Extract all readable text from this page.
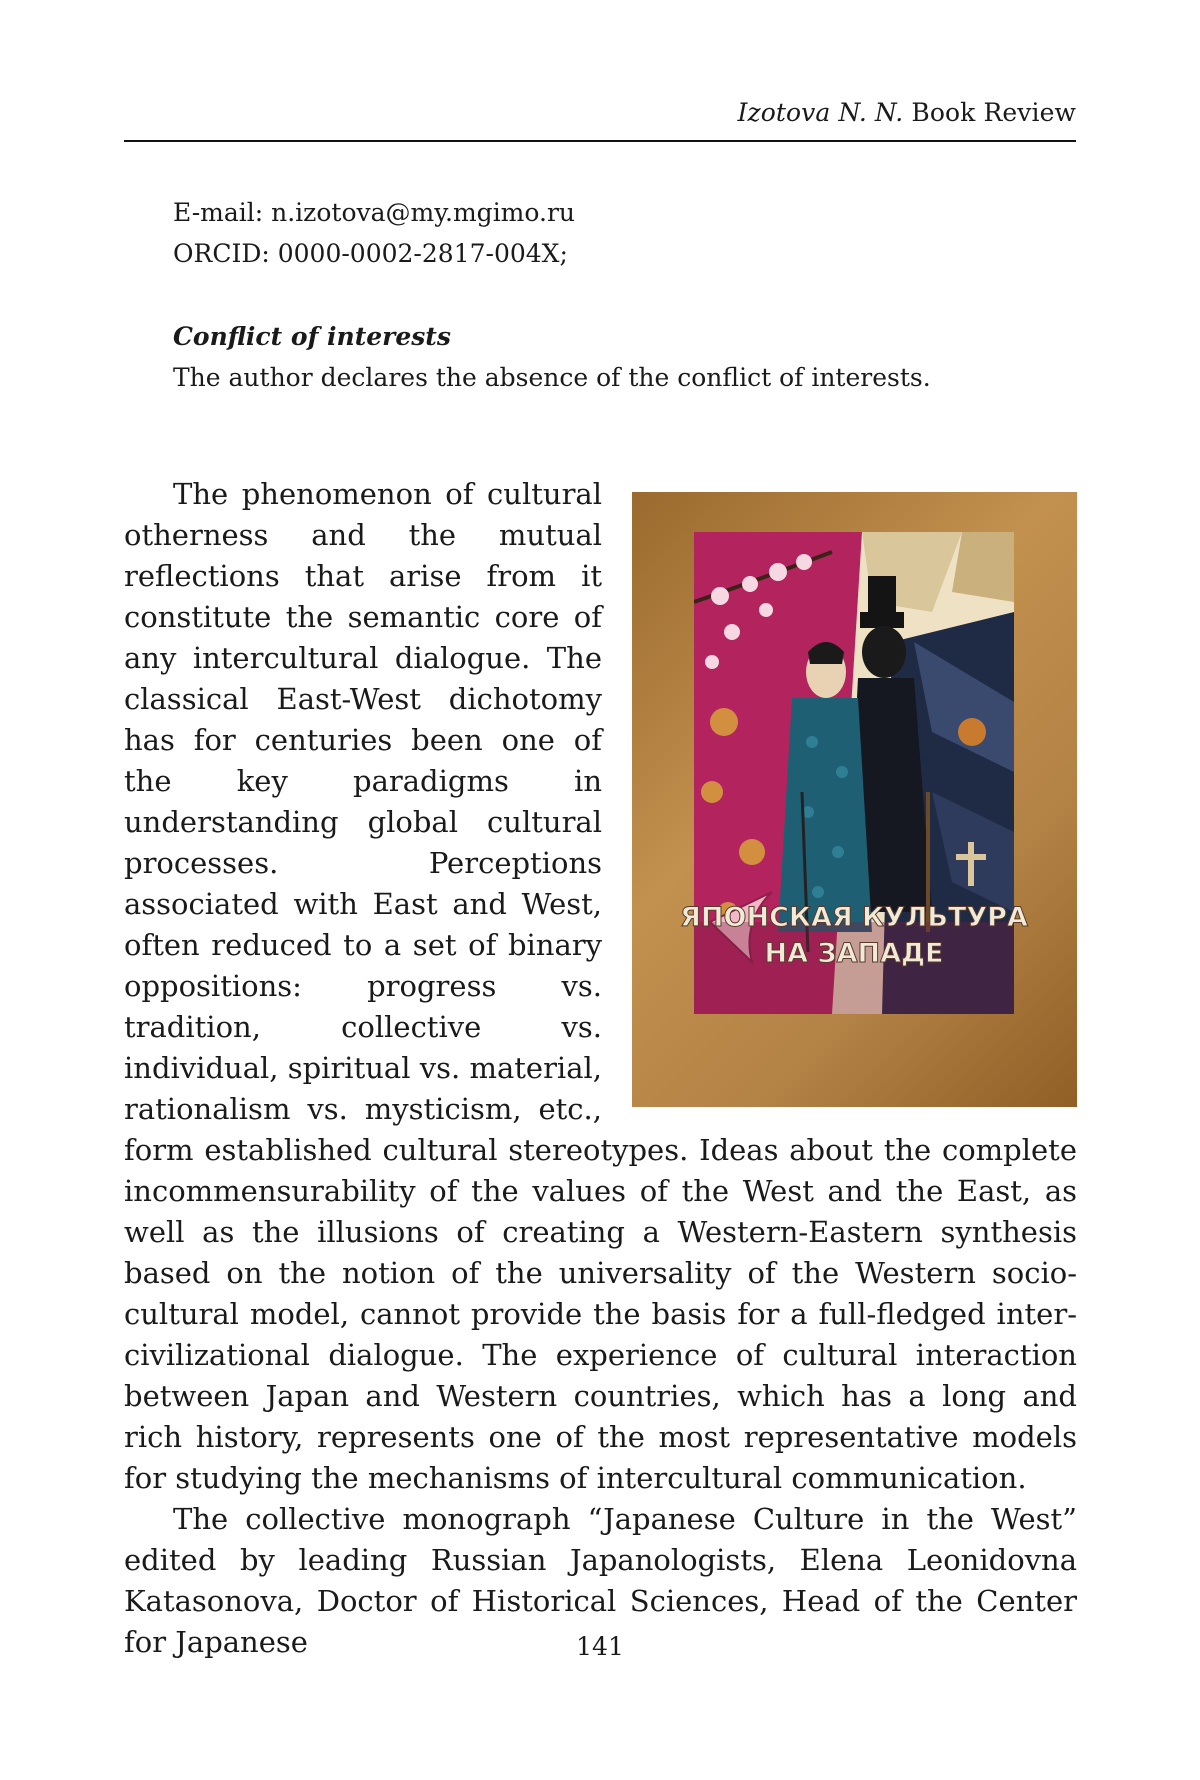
Izotova N. N. Book Review
E-mail: n.izotova@my.mgimo.ru
ORCID: 0000-0002-2817-004X;
Conflict of interests
The author declares the absence of the conflict of interests.
ЯПОНСКАЯ КУЛЬТУРА
НА ЗАПАДЕ

The phenomenon of cultural otherness and the mutual reflections that arise from it constitute the semantic core of any intercultural dialogue. The classical East-West dichotomy has for centuries been one of the key paradigms in understanding global cultural processes. Perceptions associated with East and West, often reduced to a set of binary oppositions: progress vs. tradition, collective vs. individual, spiritual vs. material, rationalism vs. mysticism, etc., form established cultural stereotypes. Ideas about the complete incommensurability of the values of the West and the East, as well as the illusions of creating a Western-Eastern synthesis based on the notion of the universality of the Western socio-cultural model, cannot provide the basis for a full-fledged inter-civilizational dialogue. The experience of cultural interaction between Japan and Western countries, which has a long and rich history, represents one of the most representative models for studying the mechanisms of intercultural communication.

The collective monograph “Japanese Culture in the West” edited by leading Russian Japanologists, Elena Leonidovna Katasonova, Doctor of Historical Sciences, Head of the Center for Japanese	141
